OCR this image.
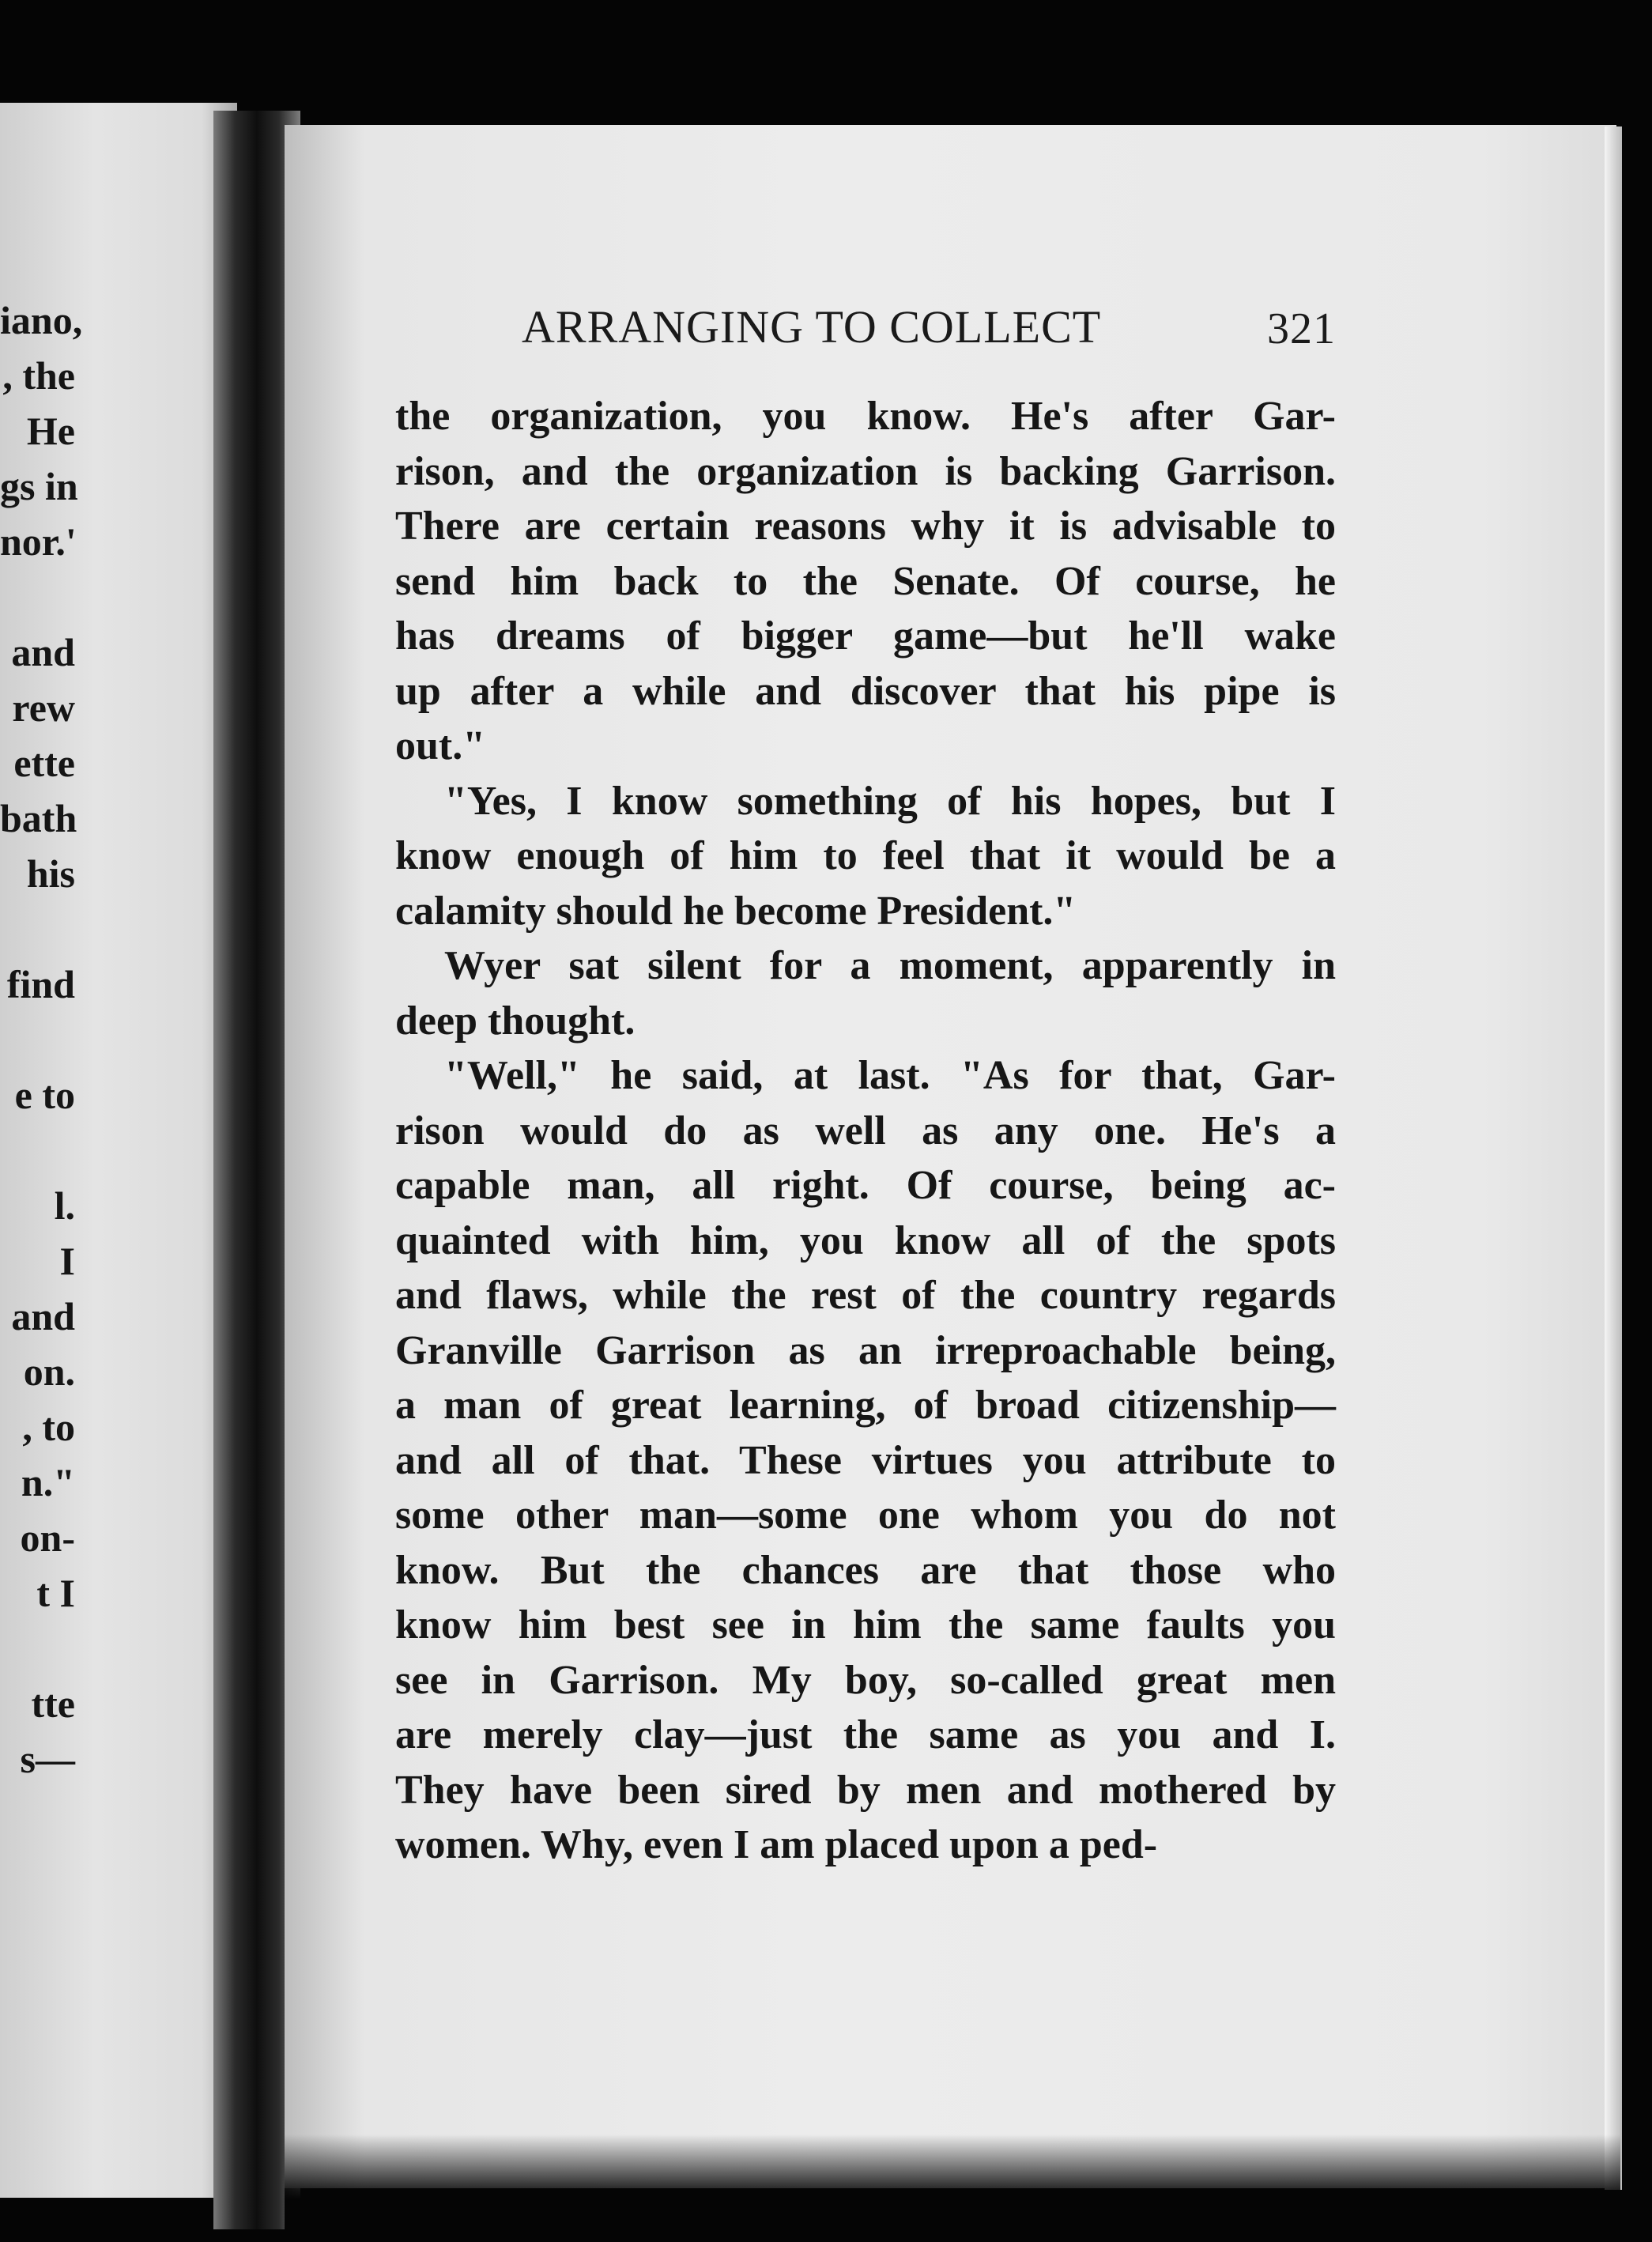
iano,
, the
He
gs in
nor.'
and
rew
ette
bath
his
find
e to
l.
I
and
on.
, to
n."
on-
t I
tte
s—
ARRANGING TO COLLECT	321
the organization, you know. He's after Gar-
rison, and the organization is backing Garrison.
There are certain reasons why it is advisable to
send him back to the Senate. Of course, he
has dreams of bigger game—but he'll wake
up after a while and discover that his pipe is
out."
"Yes, I know something of his hopes, but I
know enough of him to feel that it would be a
calamity should he become President."
Wyer sat silent for a moment, apparently in
deep thought.
"Well," he said, at last. "As for that, Gar-
rison would do as well as any one. He's a
capable man, all right. Of course, being ac-
quainted with him, you know all of the spots
and flaws, while the rest of the country regards
Granville Garrison as an irreproachable being,
a man of great learning, of broad citizenship—
and all of that. These virtues you attribute to
some other man—some one whom you do not
know. But the chances are that those who
know him best see in him the same faults you
see in Garrison. My boy, so-called great men
are merely clay—just the same as you and I.
They have been sired by men and mothered by
women. Why, even I am placed upon a ped-
